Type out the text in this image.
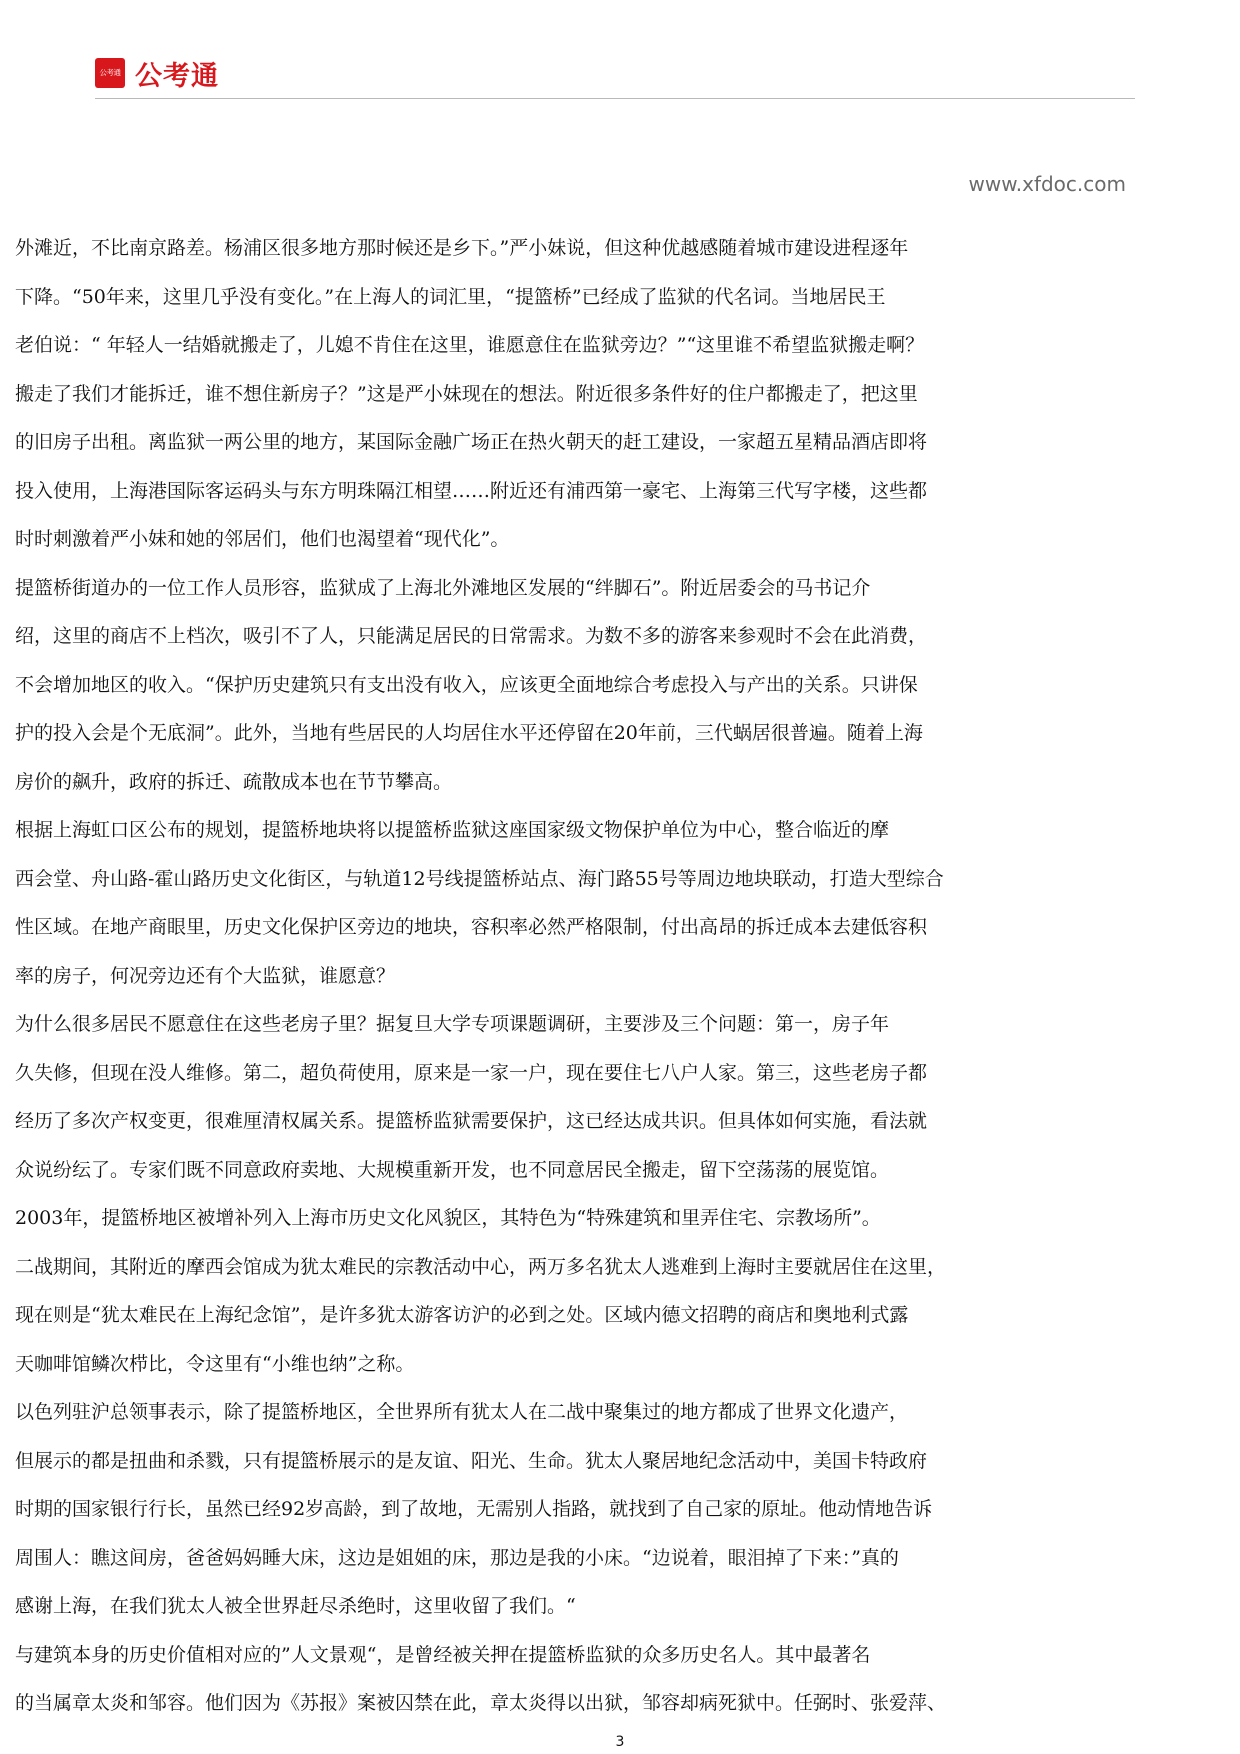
公考通 公考通
www.xfdoc.com
外滩近，不比南京路差。杨浦区很多地方那时候还是乡下。”严小妹说，但这种优越感随着城市建设进程逐年
下降。“50年来，这里几乎没有变化。”在上海人的词汇里，“提篮桥”已经成了监狱的代名词。当地居民王
老伯说：“ 年轻人一结婚就搬走了，儿媳不肯住在这里，谁愿意住在监狱旁边？”“这里谁不希望监狱搬走啊？
搬走了我们才能拆迁，谁不想住新房子？”这是严小妹现在的想法。附近很多条件好的住户都搬走了，把这里
的旧房子出租。离监狱一两公里的地方，某国际金融广场正在热火朝天的赶工建设，一家超五星精品酒店即将
投入使用，上海港国际客运码头与东方明珠隔江相望……附近还有浦西第一豪宅、上海第三代写字楼，这些都
时时刺激着严小妹和她的邻居们，他们也渴望着“现代化”。
提篮桥街道办的一位工作人员形容，监狱成了上海北外滩地区发展的“绊脚石”。附近居委会的马书记介
绍，这里的商店不上档次，吸引不了人，只能满足居民的日常需求。为数不多的游客来参观时不会在此消费，
不会增加地区的收入。“保护历史建筑只有支出没有收入，应该更全面地综合考虑投入与产出的关系。只讲保
护的投入会是个无底洞”。此外，当地有些居民的人均居住水平还停留在20年前，三代蜗居很普遍。随着上海
房价的飙升，政府的拆迁、疏散成本也在节节攀高。
根据上海虹口区公布的规划，提篮桥地块将以提篮桥监狱这座国家级文物保护单位为中心，整合临近的摩
西会堂、舟山路-霍山路历史文化街区，与轨道12号线提篮桥站点、海门路55号等周边地块联动，打造大型综合
性区域。在地产商眼里，历史文化保护区旁边的地块，容积率必然严格限制，付出高昂的拆迁成本去建低容积
率的房子，何况旁边还有个大监狱，谁愿意？
为什么很多居民不愿意住在这些老房子里？据复旦大学专项课题调研，主要涉及三个问题：第一，房子年
久失修，但现在没人维修。第二，超负荷使用，原来是一家一户，现在要住七八户人家。第三，这些老房子都
经历了多次产权变更，很难厘清权属关系。提篮桥监狱需要保护，这已经达成共识。但具体如何实施，看法就
众说纷纭了。专家们既不同意政府卖地、大规模重新开发，也不同意居民全搬走，留下空荡荡的展览馆。
2003年，提篮桥地区被增补列入上海市历史文化风貌区，其特色为“特殊建筑和里弄住宅、宗教场所”。
二战期间，其附近的摩西会馆成为犹太难民的宗教活动中心，两万多名犹太人逃难到上海时主要就居住在这里，
现在则是“犹太难民在上海纪念馆”，是许多犹太游客访沪的必到之处。区域内德文招聘的商店和奥地利式露
天咖啡馆鳞次栉比，令这里有“小维也纳”之称。
以色列驻沪总领事表示，除了提篮桥地区，全世界所有犹太人在二战中聚集过的地方都成了世界文化遗产，
但展示的都是扭曲和杀戮，只有提篮桥展示的是友谊、阳光、生命。犹太人聚居地纪念活动中，美国卡特政府
时期的国家银行行长，虽然已经92岁高龄，到了故地，无需别人指路，就找到了自己家的原址。他动情地告诉
周围人：瞧这间房，爸爸妈妈睡大床，这边是姐姐的床，那边是我的小床。“边说着，眼泪掉了下来：”真的
感谢上海，在我们犹太人被全世界赶尽杀绝时，这里收留了我们。“
与建筑本身的历史价值相对应的”人文景观“，是曾经被关押在提篮桥监狱的众多历史名人。其中最著名
的当属章太炎和邹容。他们因为《苏报》案被囚禁在此，章太炎得以出狱，邹容却病死狱中。任弼时、张爱萍、
3
